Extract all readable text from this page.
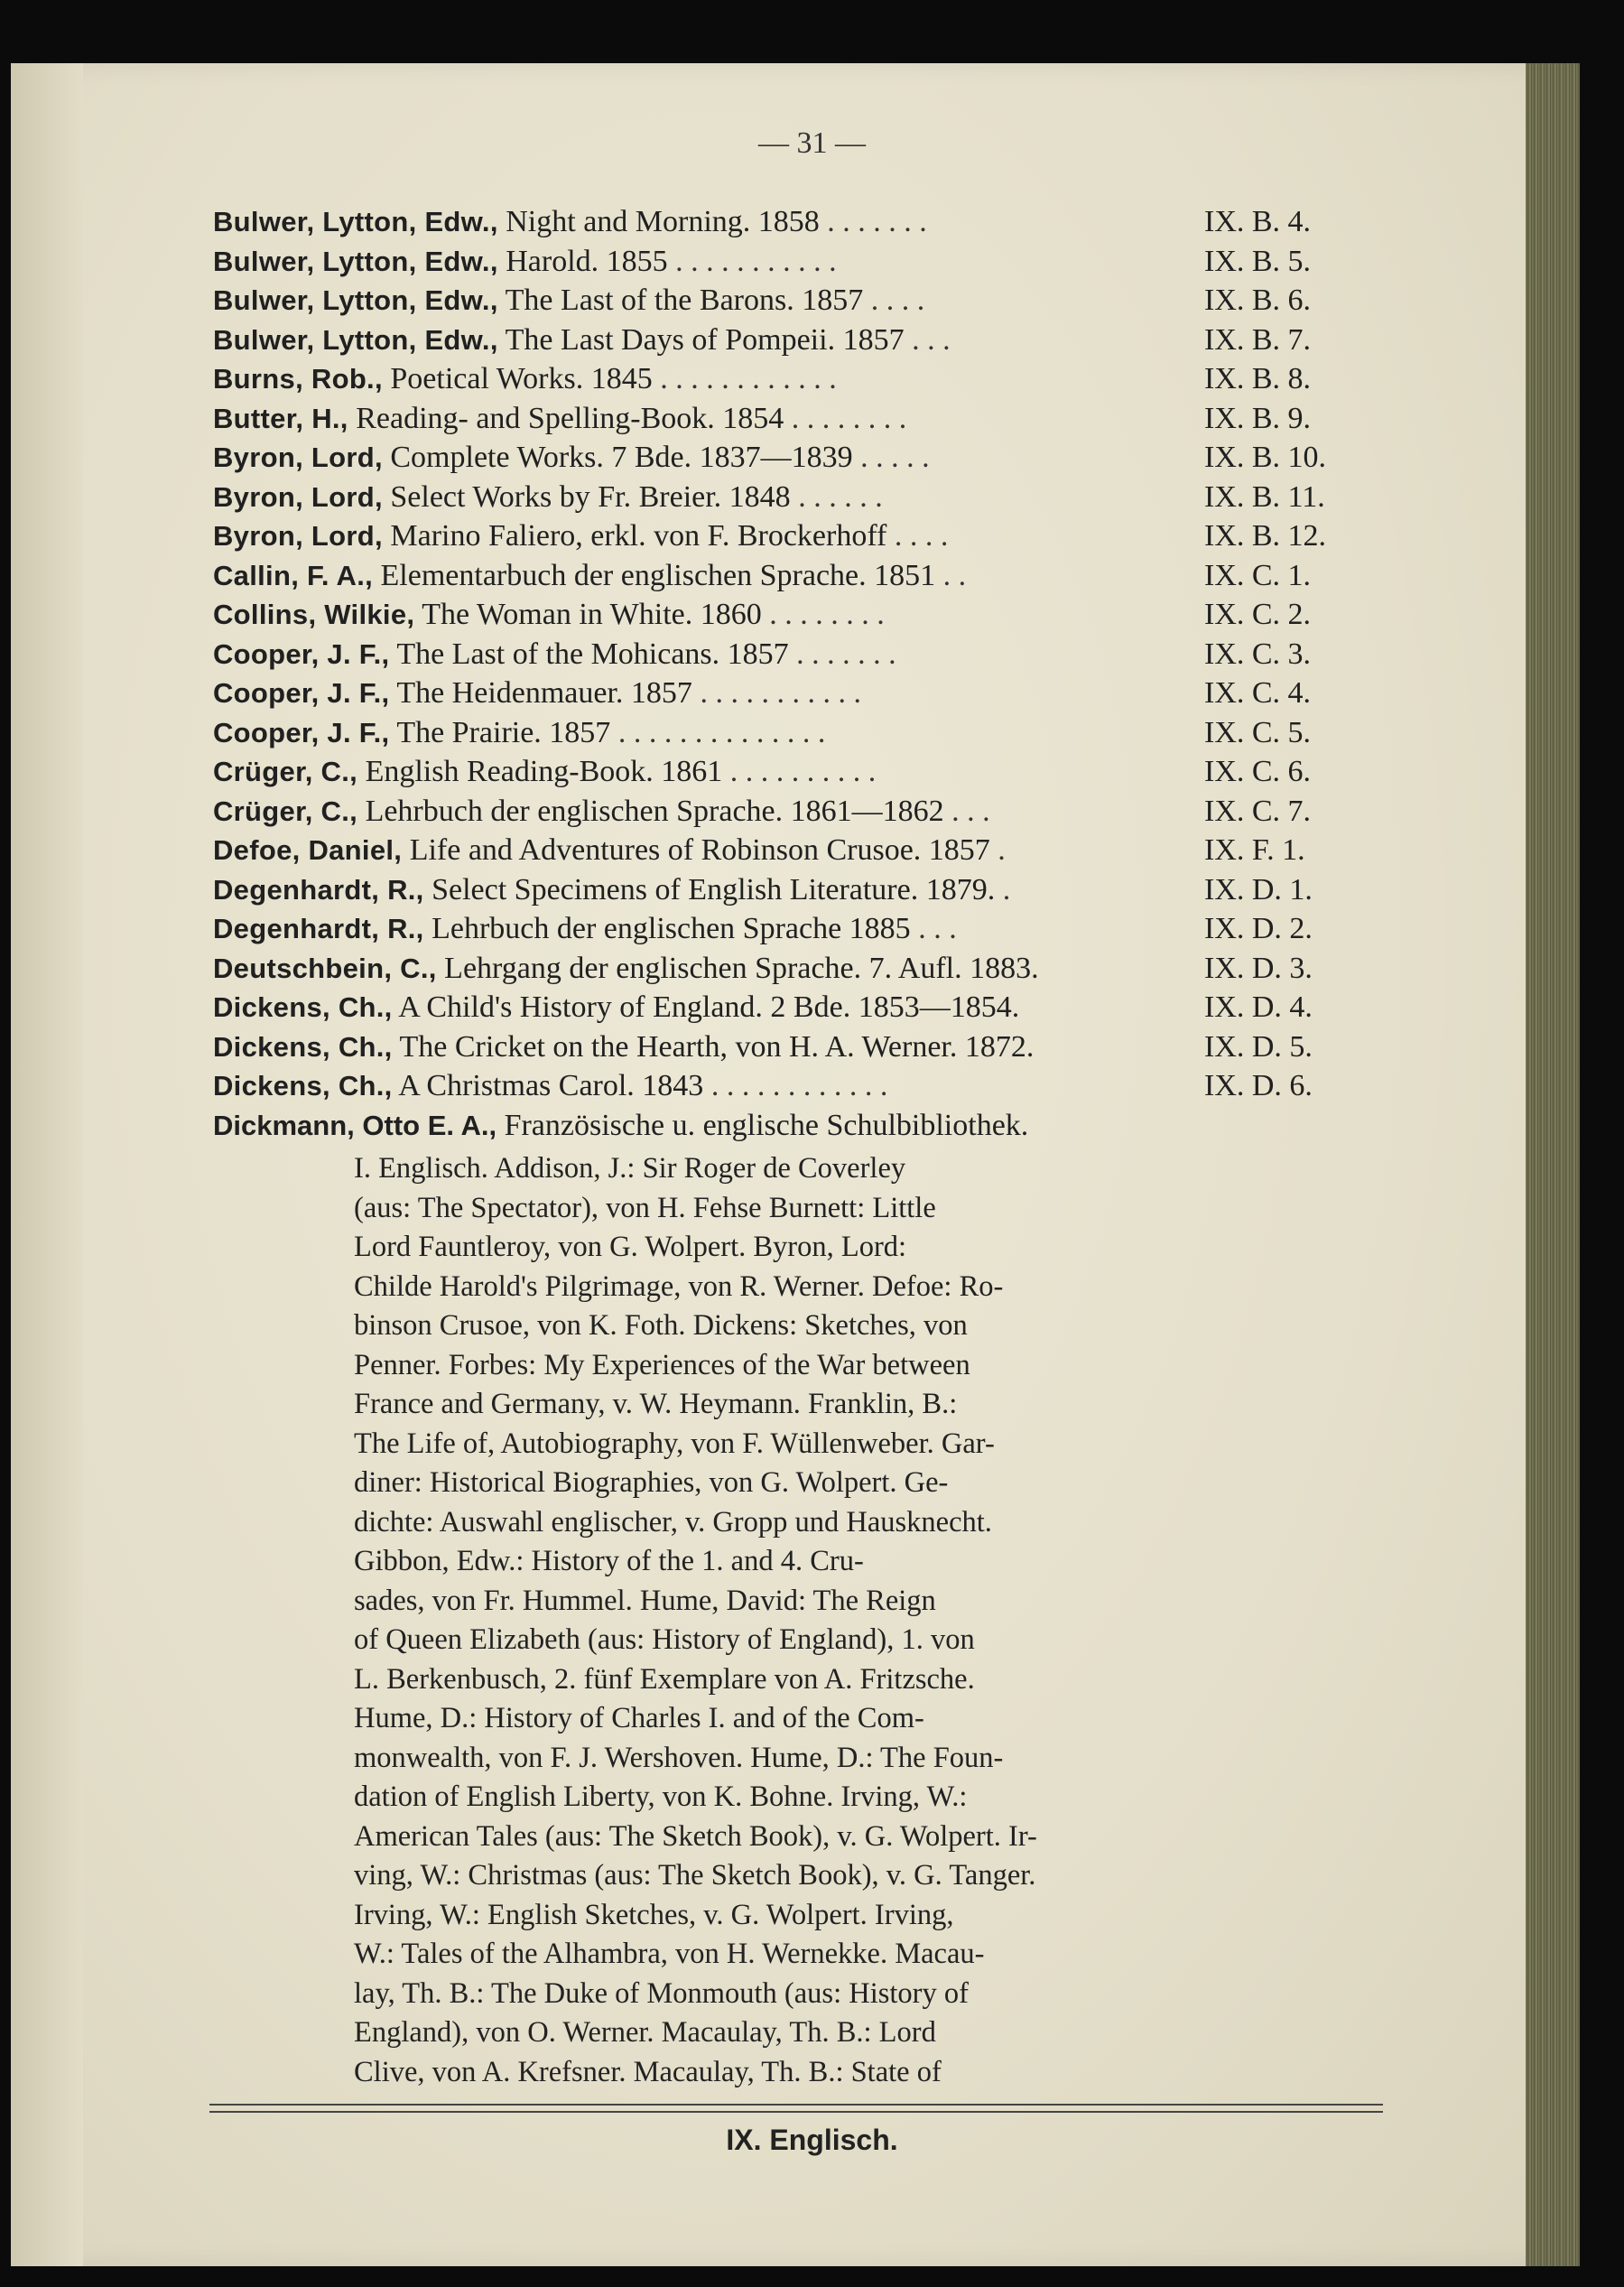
— 31 —
Bulwer, Lytton, Edw., Night and Morning. 1858 . . . . . . .	IX. B. 4.
Bulwer, Lytton, Edw., Harold. 1855 . . . . . . . . . . .	IX. B. 5.
Bulwer, Lytton, Edw., The Last of the Barons. 1857 . . . .	IX. B. 6.
Bulwer, Lytton, Edw., The Last Days of Pompeii. 1857 . . .	IX. B. 7.
Burns, Rob., Poetical Works. 1845 . . . . . . . . . . . .	IX. B. 8.
Butter, H., Reading- and Spelling-Book. 1854 . . . . . . . .	IX. B. 9.
Byron, Lord, Complete Works. 7 Bde. 1837—1839 . . . . .	IX. B. 10.
Byron, Lord, Select Works by Fr. Breier. 1848 . . . . . .	IX. B. 11.
Byron, Lord, Marino Faliero, erkl. von F. Brockerhoff . . . .	IX. B. 12.
Callin, F. A., Elementarbuch der englischen Sprache. 1851 . .	IX. C. 1.
Collins, Wilkie, The Woman in White. 1860 . . . . . . . .	IX. C. 2.
Cooper, J. F., The Last of the Mohicans. 1857 . . . . . . .	IX. C. 3.
Cooper, J. F., The Heidenmauer. 1857 . . . . . . . . . . .	IX. C. 4.
Cooper, J. F., The Prairie. 1857 . . . . . . . . . . . . . .	IX. C. 5.
Crüger, C., English Reading-Book. 1861 . . . . . . . . . .	IX. C. 6.
Crüger, C., Lehrbuch der englischen Sprache. 1861—1862 . . .	IX. C. 7.
Defoe, Daniel, Life and Adventures of Robinson Crusoe. 1857 .	IX. F. 1.
Degenhardt, R., Select Specimens of English Literature. 1879. .	IX. D. 1.
Degenhardt, R., Lehrbuch der englischen Sprache 1885 . . .	IX. D. 2.
Deutschbein, C., Lehrgang der englischen Sprache. 7. Aufl. 1883.	IX. D. 3.
Dickens, Ch., A Child's History of England. 2 Bde. 1853—1854.	IX. D. 4.
Dickens, Ch., The Cricket on the Hearth, von H. A. Werner. 1872.	IX. D. 5.
Dickens, Ch., A Christmas Carol. 1843 . . . . . . . . . . . .	IX. D. 6.
Dickmann, Otto E. A., Französische u. englische Schulbibliothek.
I. Englisch. Addison, J.: Sir Roger de Coverley
(aus: The Spectator), von H. Fehse Burnett: Little
Lord Fauntleroy, von G. Wolpert. Byron, Lord:
Childe Harold's Pilgrimage, von R. Werner. Defoe: Ro-
binson Crusoe, von K. Foth. Dickens: Sketches, von
Penner. Forbes: My Experiences of the War between
France and Germany, v. W. Heymann. Franklin, B.:
The Life of, Autobiography, von F. Wüllenweber. Gar-
diner: Historical Biographies, von G. Wolpert. Ge-
dichte: Auswahl englischer, v. Gropp und Hausknecht.
Gibbon, Edw.: History of the 1. and 4. Cru-
sades, von Fr. Hummel. Hume, David: The Reign
of Queen Elizabeth (aus: History of England), 1. von
L. Berkenbusch, 2. fünf Exemplare von A. Fritzsche.
Hume, D.: History of Charles I. and of the Com-
monwealth, von F. J. Wershoven. Hume, D.: The Foun-
dation of English Liberty, von K. Bohne. Irving, W.:
American Tales (aus: The Sketch Book), v. G. Wolpert. Ir-
ving, W.: Christmas (aus: The Sketch Book), v. G. Tanger.
Irving, W.: English Sketches, v. G. Wolpert. Irving,
W.: Tales of the Alhambra, von H. Wernekke. Macau-
lay, Th. B.: The Duke of Monmouth (aus: History of
England), von O. Werner. Macaulay, Th. B.: Lord
Clive, von A. Krefsner. Macaulay, Th. B.: State of
IX. Englisch.
